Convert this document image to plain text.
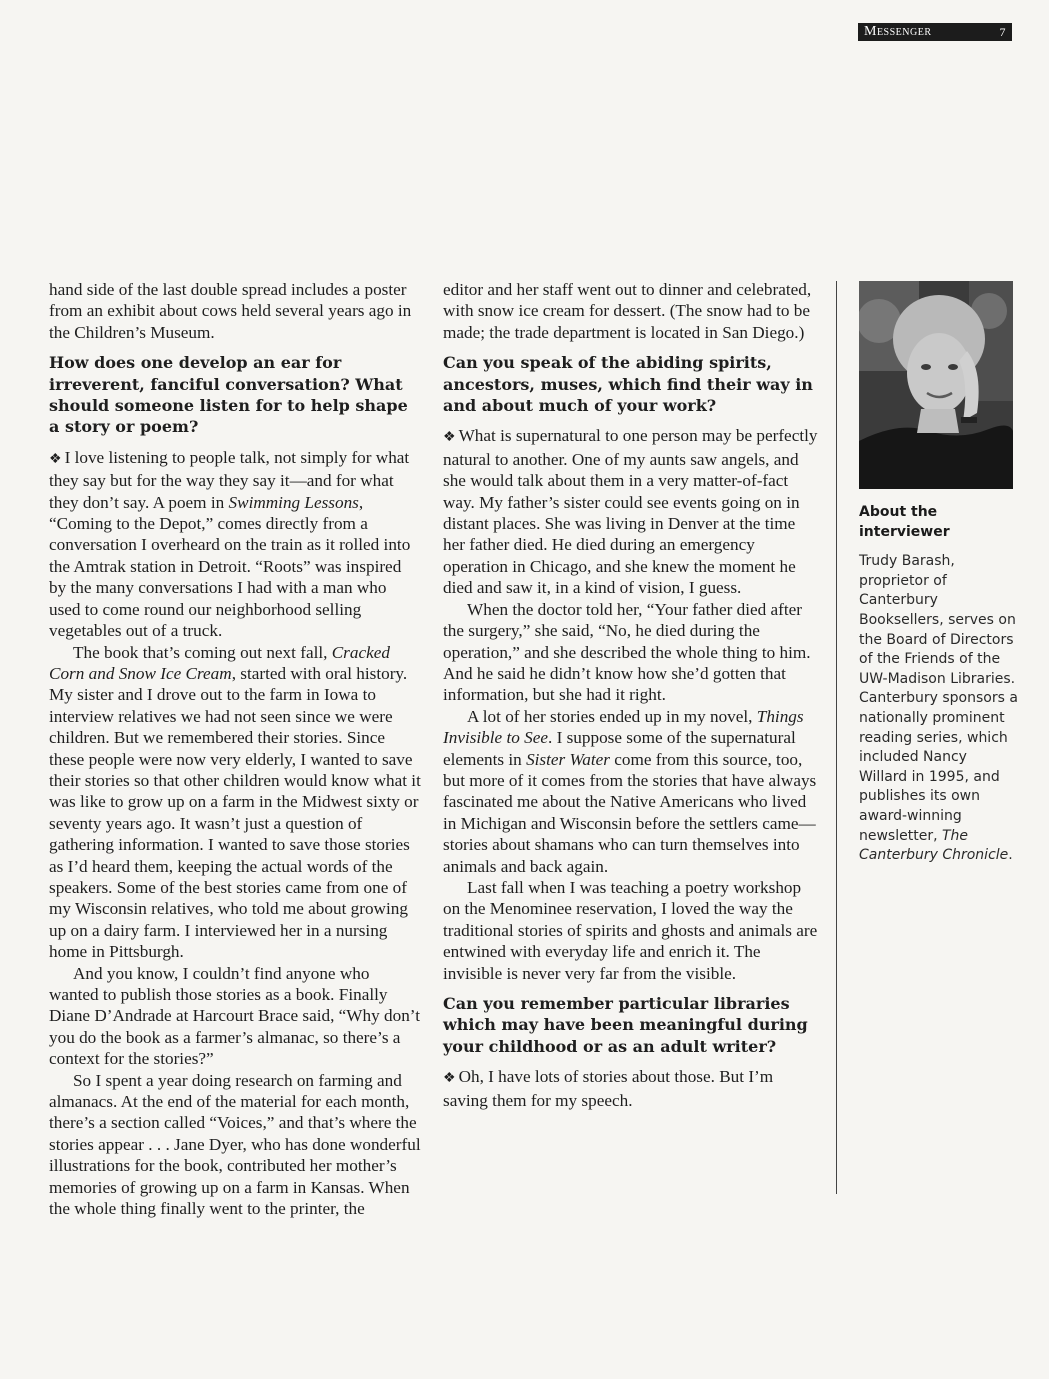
Messenger	7

hand side of the last double spread includes a poster from an exhibit about cows held several years ago in the Children’s Museum.

How does one develop an ear for irreverent, fanciful conversation? What should someone listen for to help shape a story or poem?

❖ I love listening to people talk, not simply for what they say but for the way they say it—and for what they don’t say. A poem in Swimming Lessons, “Coming to the Depot,” comes directly from a conversation I overheard on the train as it rolled into the Amtrak station in Detroit. “Roots” was inspired by the many conversations I had with a man who used to come round our neighborhood selling vegetables out of a truck.

The book that’s coming out next fall, Cracked Corn and Snow Ice Cream, started with oral history. My sister and I drove out to the farm in Iowa to interview relatives we had not seen since we were children. But we remembered their stories. Since these people were now very elderly, I wanted to save their stories so that other children would know what it was like to grow up on a farm in the Midwest sixty or seventy years ago. It wasn’t just a question of gathering information. I wanted to save those stories as I’d heard them, keeping the actual words of the speakers. Some of the best stories came from one of my Wisconsin relatives, who told me about growing up on a dairy farm. I interviewed her in a nursing home in Pittsburgh.

And you know, I couldn’t find anyone who wanted to publish those stories as a book. Finally Diane D’Andrade at Harcourt Brace said, “Why don’t you do the book as a farmer’s almanac, so there’s a context for the stories?”

So I spent a year doing research on farming and almanacs. At the end of the material for each month, there’s a section called “Voices,” and that’s where the stories appear . . . Jane Dyer, who has done wonderful illustrations for the book, contributed her mother’s memories of growing up on a farm in Kansas. When the whole thing finally went to the printer, the

editor and her staff went out to dinner and celebrated, with snow ice cream for dessert. (The snow had to be made; the trade department is located in San Diego.)

Can you speak of the abiding spirits, ancestors, muses, which find their way in and about much of your work?

❖ What is supernatural to one person may be perfectly natural to another. One of my aunts saw angels, and she would talk about them in a very matter-of-fact way. My father’s sister could see events going on in distant places. She was living in Denver at the time her father died. He died during an emergency operation in Chicago, and she knew the moment he died and saw it, in a kind of vision, I guess.

When the doctor told her, “Your father died after the surgery,” she said, “No, he died during the operation,” and she described the whole thing to him. And he said he didn’t know how she’d gotten that information, but she had it right.

A lot of her stories ended up in my novel, Things Invisible to See. I suppose some of the supernatural elements in Sister Water come from this source, too, but more of it comes from the stories that have always fascinated me about the Native Americans who lived in Michigan and Wisconsin before the settlers came—stories about shamans who can turn themselves into animals and back again.

Last fall when I was teaching a poetry workshop on the Menominee reservation, I loved the way the traditional stories of spirits and ghosts and animals are entwined with everyday life and enrich it. The invisible is never very far from the visible.

Can you remember particular libraries which may have been meaningful during your childhood or as an adult writer?

❖ Oh, I have lots of stories about those. But I’m saving them for my speech.

About the interviewer

Trudy Barash, proprietor of Canterbury Booksellers, serves on the Board of Directors of the Friends of the UW-Madison Libraries. Canterbury sponsors a nationally prominent reading series, which included Nancy Willard in 1995, and publishes its own award-winning newsletter, The Canterbury Chronicle.
